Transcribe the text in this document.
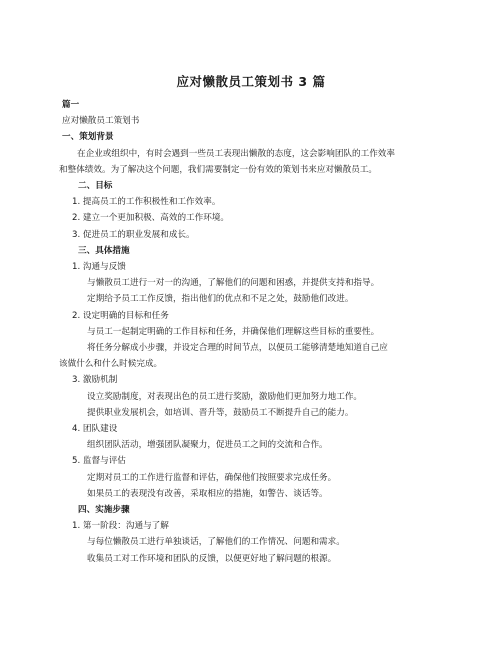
应对懒散员工策划书 3 篇
篇一
应对懒散员工策划书
一、策划背景
在企业或组织中，有时会遇到一些员工表现出懒散的态度，这会影响团队的工作效率
和整体绩效。为了解决这个问题，我们需要制定一份有效的策划书来应对懒散员工。
二、目标
1. 提高员工的工作积极性和工作效率。
2. 建立一个更加积极、高效的工作环境。
3. 促进员工的职业发展和成长。
三、具体措施
1. 沟通与反馈
与懒散员工进行一对一的沟通，了解他们的问题和困惑，并提供支持和指导。
定期给予员工工作反馈，指出他们的优点和不足之处，鼓励他们改进。
2. 设定明确的目标和任务
与员工一起制定明确的工作目标和任务，并确保他们理解这些目标的重要性。
将任务分解成小步骤，并设定合理的时间节点，以便员工能够清楚地知道自己应
该做什么和什么时候完成。
3. 激励机制
设立奖励制度，对表现出色的员工进行奖励，激励他们更加努力地工作。
提供职业发展机会，如培训、晋升等，鼓励员工不断提升自己的能力。
4. 团队建设
组织团队活动，增强团队凝聚力，促进员工之间的交流和合作。
5. 监督与评估
定期对员工的工作进行监督和评估，确保他们按照要求完成任务。
如果员工的表现没有改善，采取相应的措施，如警告、谈话等。
四、实施步骤
1. 第一阶段：沟通与了解
与每位懒散员工进行单独谈话，了解他们的工作情况、问题和需求。
收集员工对工作环境和团队的反馈，以便更好地了解问题的根源。
